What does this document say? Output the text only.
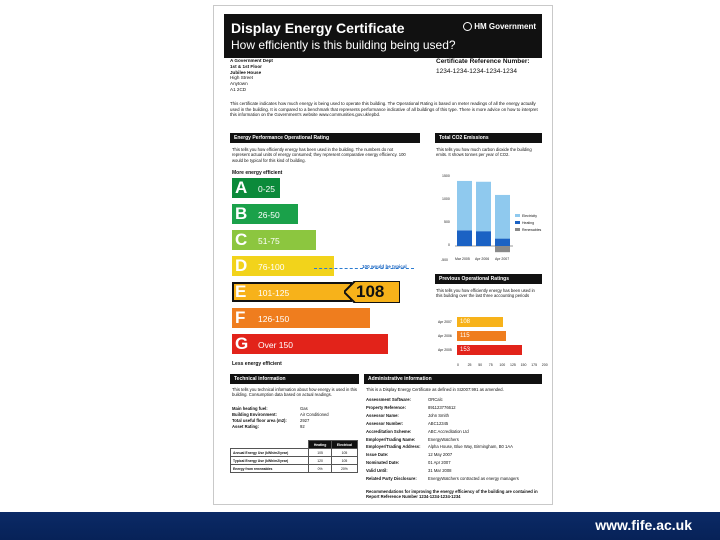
Display Energy Certificate
How efficiently is this building being used?
HM Government
A Government Dept
1st & 1st Floor
Jubilee House
High Street
Anytown
A1 2CD
Certificate Reference Number:
1234-1234-1234-1234-1234
This certificate indicates how much energy is being used to operate this building. The Operational Rating is based on meter readings of all the energy actually used in the building. It is compared to a benchmark that represents performance indicative of all buildings of this type. There is more advice on how to interpret this information on the Government's website www.communities.gov.uk/epbd.
Energy Performance Operational Rating
This tells you how efficiently energy has been used in the building. The numbers do not represent actual units of energy consumed; they represent comparative energy efficiency. 100 would be typical for this kind of building.
More energy efficient
A 0-25
B 26-50
C 51-75
D 76-100
E 101-125
F 126-150
G Over 150
100 would be typical
108
Less energy efficient
Total CO2 Emissions
This tells you how much carbon dioxide the building emits. It shows tonnes per year of CO2.
1500
1000
500
0
-500 Mar 2005 Apr 2006 Apr 2007
Electricity
Heating
Renewables
Previous Operational Ratings
This tells you how efficiently energy has been used in this building over the last three accounting periods
Apr 2007
Apr 2006
Apr 2005
108
115
153
0 25 50 75 100 125 150 175 200
Technical information
This tells you technical information about how energy is used in this building. Consumption data based on actual readings.
Main heating fuel:	Gas
Building Environment:	Air Conditioned
Total useful floor area (m2):	2927
Asset Rating:	92
	Heating	Electrical
Annual Energy Use (kWh/m2/year)	105	105
Typical Energy Use (kWh/m2/year)	120	105
Energy from renewables	0%	20%
Administrative information
This is a Display Energy Certificate as defined in SI2007:991 as amended.
Assessment Software:	ORCalc
Property Reference:	891123776612
Assessor Name:	John Smith
Assessor Number:	ABC12345
Accreditation Scheme:	ABC Accreditation Ltd
Employer/Trading Name:	EnergyWatchers
Employer/Trading Address: Alpha House, Blue Way, Birmingham, B0 1AA
Issue Date:	12 May 2007
Nominated Date:	01 Apr 2007
Valid Until:	31 Mar 2008
Related Party Disclosure:	EnergyWatchers contracted as energy managers
Recommendations for improving the energy efficiency of the building are contained in Report Reference Number 1234-1234-1234-1234
www.fife.ac.uk
